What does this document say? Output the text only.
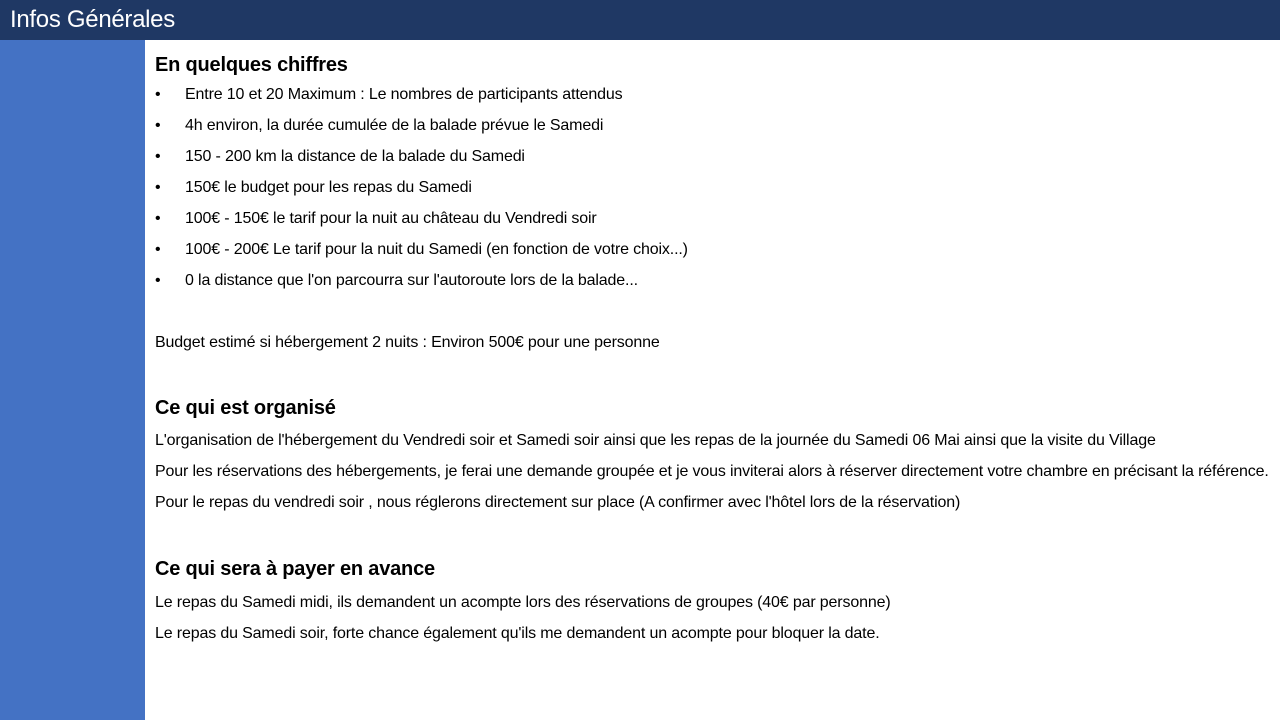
Infos Générales
En quelques chiffres
• Entre 10 et 20 Maximum : Le nombres de participants attendus
• 4h environ, la durée cumulée de la balade prévue le Samedi
• 150 - 200 km la distance de la balade du Samedi
• 150€ le budget pour les repas du Samedi
• 100€ - 150€ le tarif pour la nuit au château du Vendredi soir
• 100€ - 200€ Le tarif pour la nuit du Samedi (en fonction de votre choix...)
• 0 la distance que l'on parcourra sur l'autoroute lors de la balade...

Budget estimé si hébergement 2 nuits : Environ 500€ pour une personne

Ce qui est organisé

L'organisation de l'hébergement du Vendredi soir et Samedi soir ainsi que les repas de la journée du Samedi 06 Mai ainsi que la visite du Village

Pour les réservations des hébergements, je ferai une demande groupée et je vous inviterai alors à réserver directement votre chambre en précisant la référence.

Pour le repas du vendredi soir , nous réglerons directement sur place (A confirmer avec l'hôtel lors de la réservation)

Ce qui sera à payer en avance

Le repas du Samedi midi, ils demandent un acompte lors des réservations de groupes (40€ par personne)

Le repas du Samedi soir, forte chance également qu'ils me demandent un acompte pour bloquer la date.
